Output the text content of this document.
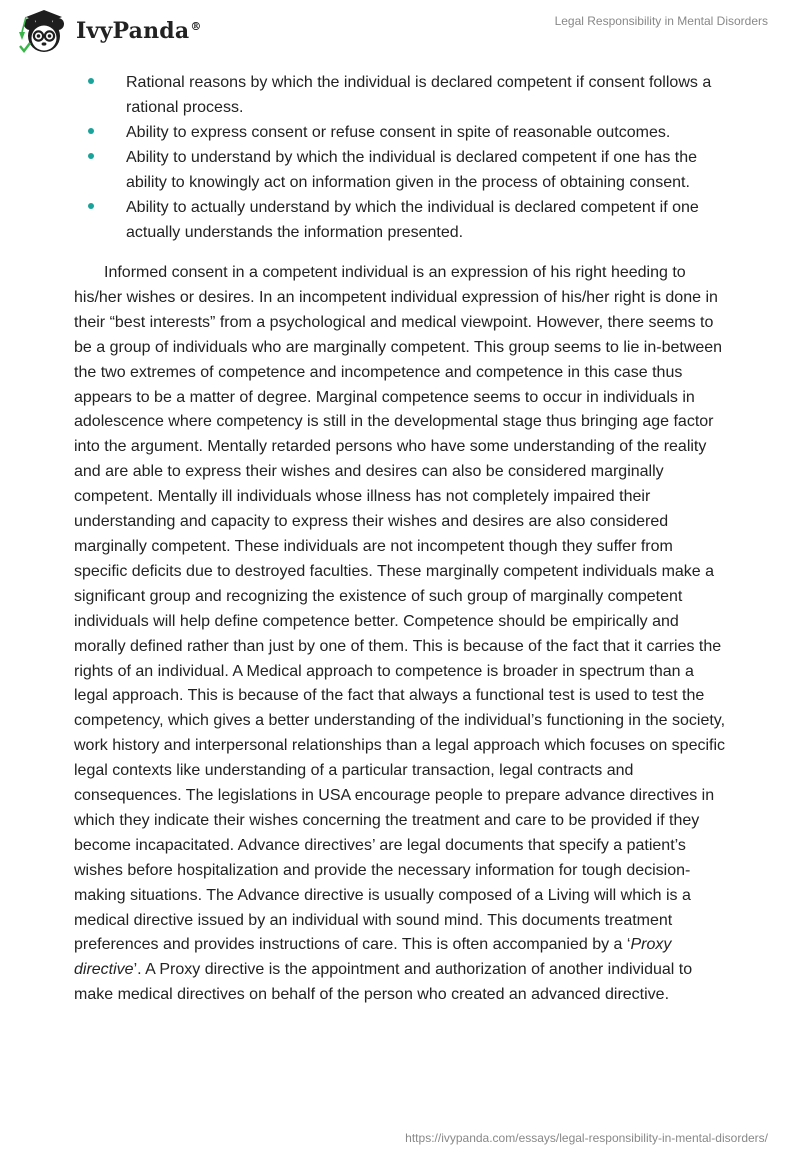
IvyPanda®	Legal Responsibility in Mental Disorders
Rational reasons by which the individual is declared competent if consent follows a rational process.
Ability to express consent or refuse consent in spite of reasonable outcomes.
Ability to understand by which the individual is declared competent if one has the ability to knowingly act on information given in the process of obtaining consent.
Ability to actually understand by which the individual is declared competent if one actually understands the information presented.

Informed consent in a competent individual is an expression of his right heeding to his/her wishes or desires. In an incompetent individual expression of his/her right is done in their “best interests” from a psychological and medical viewpoint. However, there seems to be a group of individuals who are marginally competent. This group seems to lie in-between the two extremes of competence and incompetence and competence in this case thus appears to be a matter of degree. Marginal competence seems to occur in individuals in adolescence where competency is still in the developmental stage thus bringing age factor into the argument. Mentally retarded persons who have some understanding of the reality and are able to express their wishes and desires can also be considered marginally competent. Mentally ill individuals whose illness has not completely impaired their understanding and capacity to express their wishes and desires are also considered marginally competent. These individuals are not incompetent though they suffer from specific deficits due to destroyed faculties. These marginally competent individuals make a significant group and recognizing the existence of such group of marginally competent individuals will help define competence better. Competence should be empirically and morally defined rather than just by one of them. This is because of the fact that it carries the rights of an individual. A Medical approach to competence is broader in spectrum than a legal approach. This is because of the fact that always a functional test is used to test the competency, which gives a better understanding of the individual’s functioning in the society, work history and interpersonal relationships than a legal approach which focuses on specific legal contexts like understanding of a particular transaction, legal contracts and consequences. The legislations in USA encourage people to prepare advance directives in which they indicate their wishes concerning the treatment and care to be provided if they become incapacitated. Advance directives’ are legal documents that specify a patient’s wishes before hospitalization and provide the necessary information for tough decision-making situations. The Advance directive is usually composed of a Living will which is a medical directive issued by an individual with sound mind. This documents treatment preferences and provides instructions of care. This is often accompanied by a ‘Proxy directive’. A Proxy directive is the appointment and authorization of another individual to make medical directives on behalf of the person who created an advanced directive.

https://ivypanda.com/essays/legal-responsibility-in-mental-disorders/
